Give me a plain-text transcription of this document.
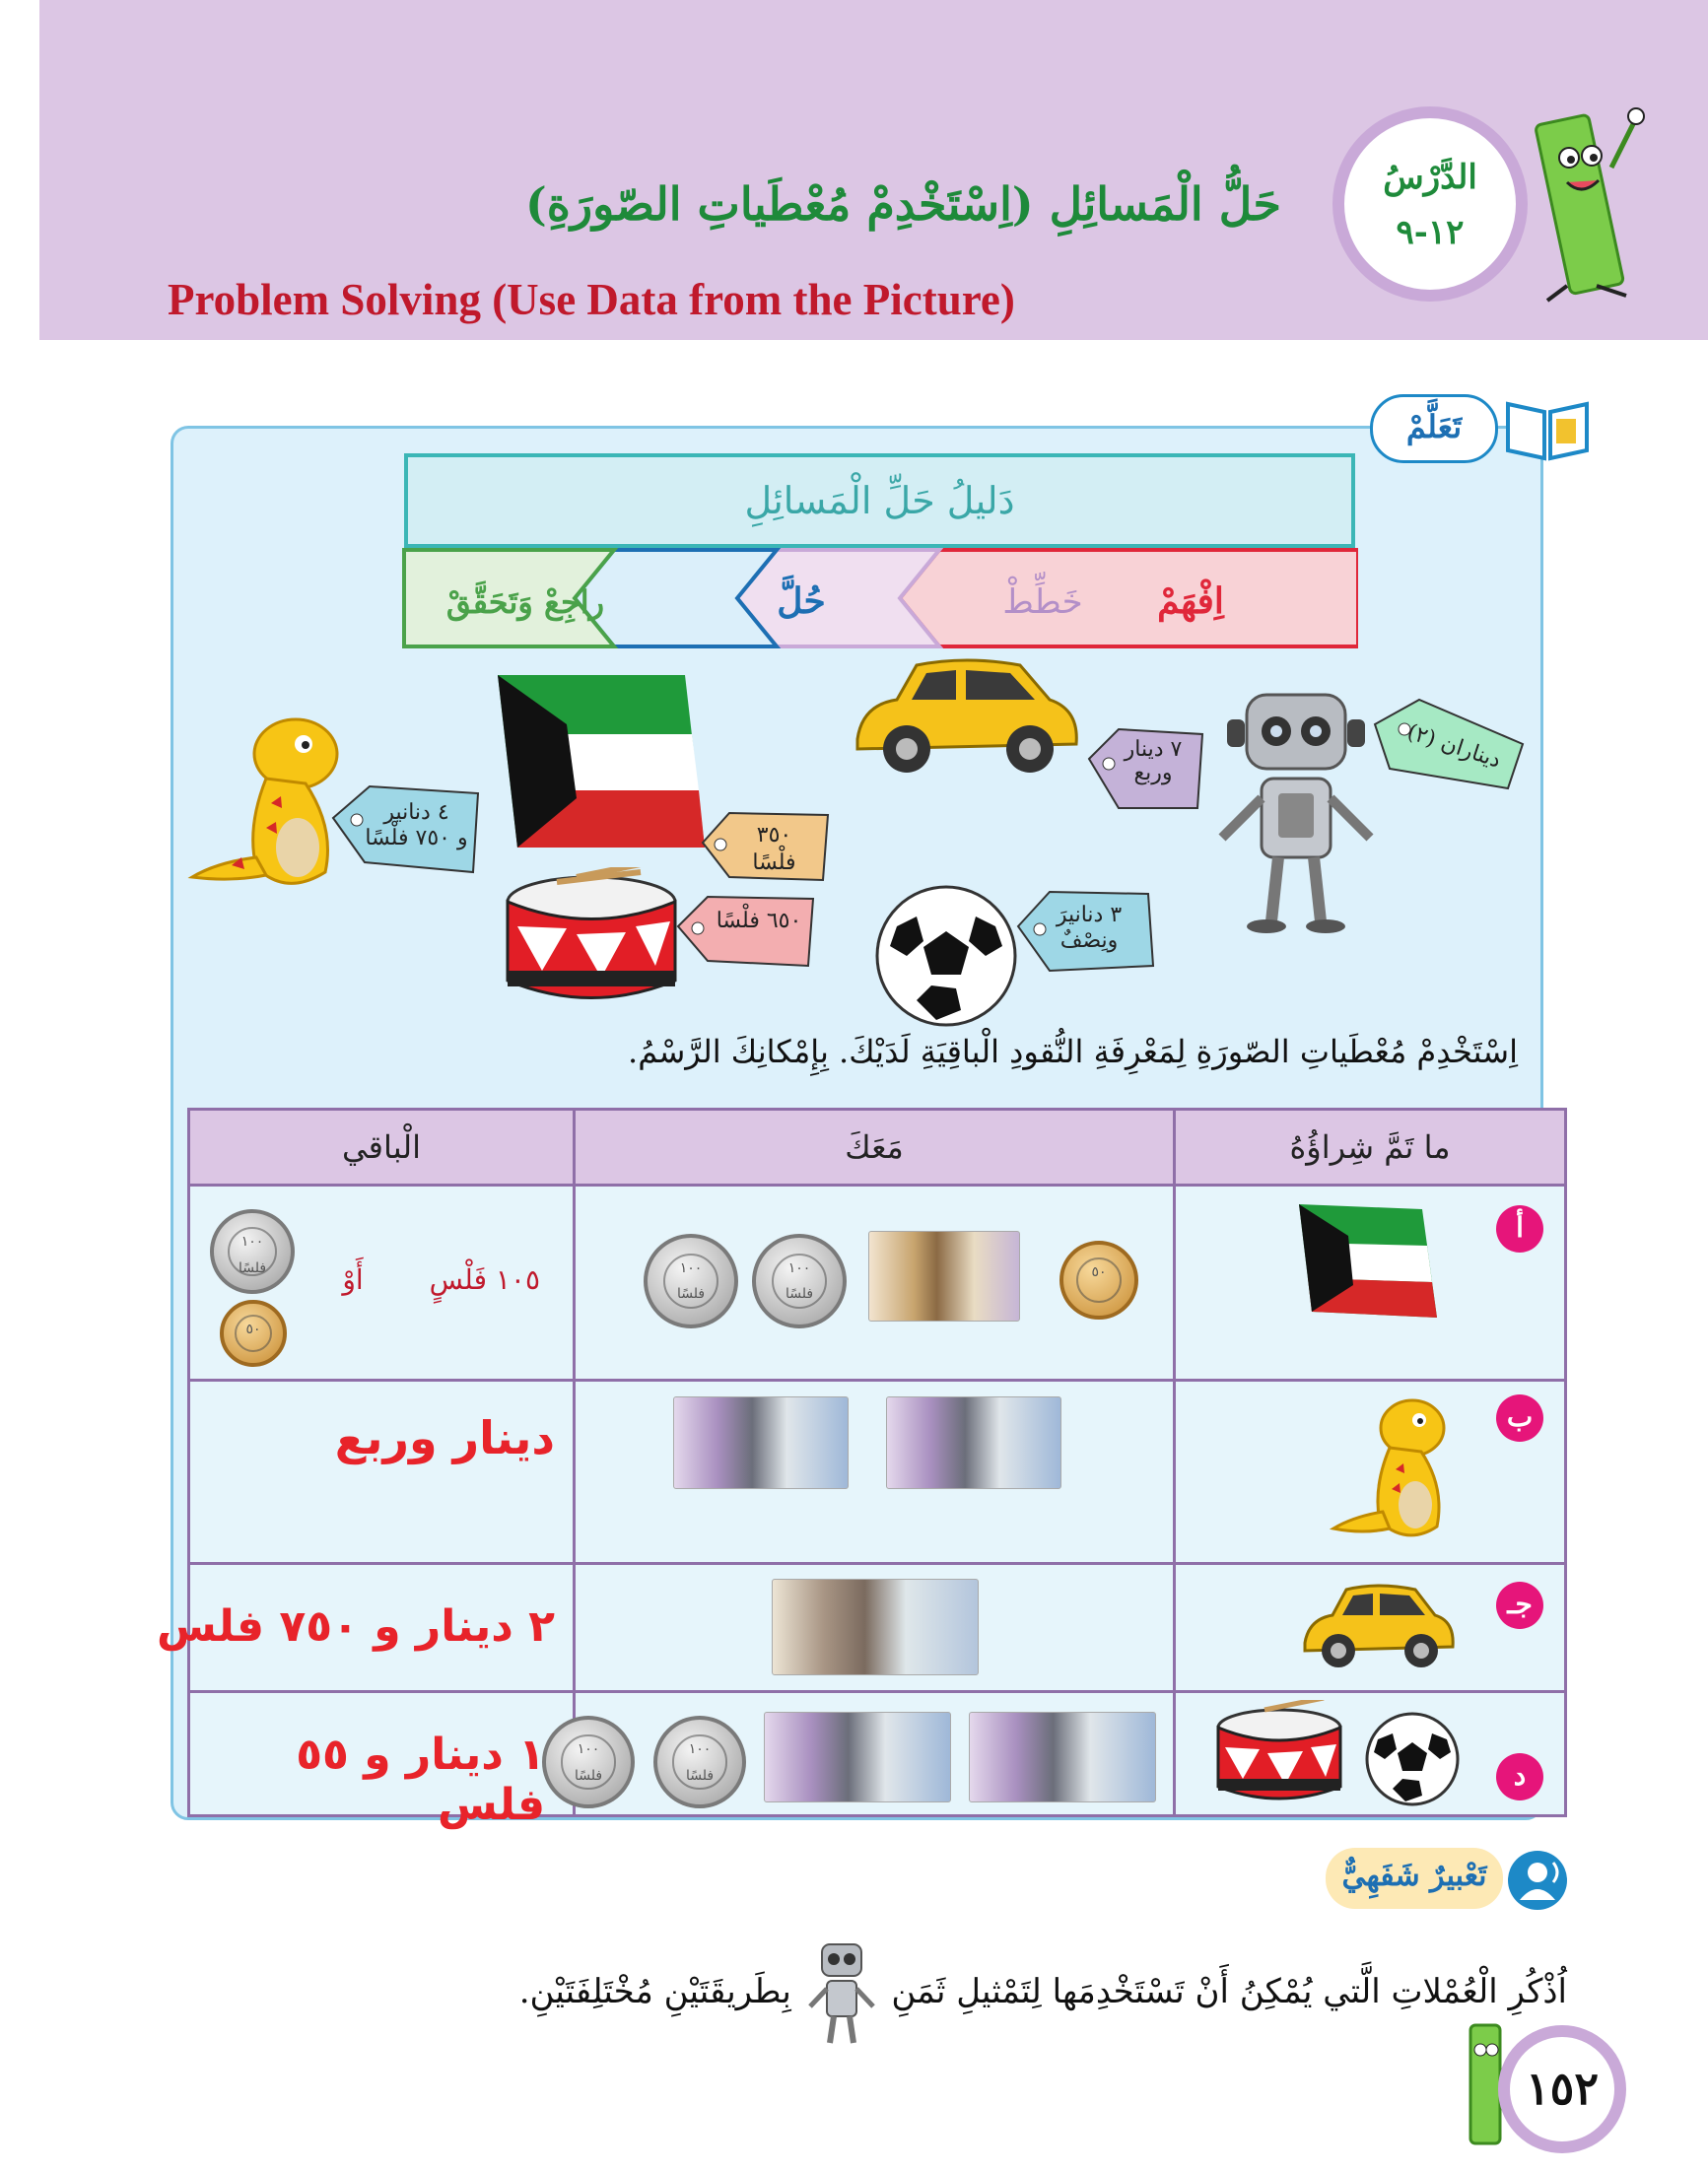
الدَّرْسُ
١٢-٩
حَلُّ الْمَسائِلِ (اِسْتَخْدِمْ مُعْطَياتِ الصّورَةِ)
Problem Solving (Use Data from the Picture)
تَعَلَّمْ
دَليلُ حَلِّ الْمَسائِلِ
اِفْهَمْ
خَطِّطْ
حُلَّ
راجِعْ وَتَحَقَّقْ
ديناران (٢)
٧ دينار
وربع
٣٥٠ فلْسًا
٤ دنانير
و ٧٥٠ فلْسًا
٦٥٠ فلْسًا	٣ دنانيرَ
ونِصْفٌ
اِسْتَخْدِمْ مُعْطَياتِ الصّورَةِ لِمَعْرِفَةِ النُّقودِ الْباقِيَةِ لَدَيْكَ. بِإِمْكانِكَ الرَّسْمُ.
ما تَمَّ شِراؤُهُ
مَعَكَ
الْباقي
أ
٥٠
١٠٠ فلسًا
١٠٠ فلسًا
١٠٥ فَلْسٍ
أَوْ
١٠٠ فلسًا
٥٠
ب
دينار وربع
جـ
٢ دينار و ٧٥٠ فلس
د
١٠٠ فلسًا
١٠٠ فلسًا
١ دينار و ٥٥ فلس
تَعْبيرٌ شَفَهِيٌّ
اُذْكُرِ الْعُمْلاتِ الَّتي يُمْكِنُ أَنْ تَسْتَخْدِمَها لِتَمْثيلِ ثَمَنِ  بِطَريقَتَيْنِ مُخْتَلِفَتَيْنِ.
١٥٢
